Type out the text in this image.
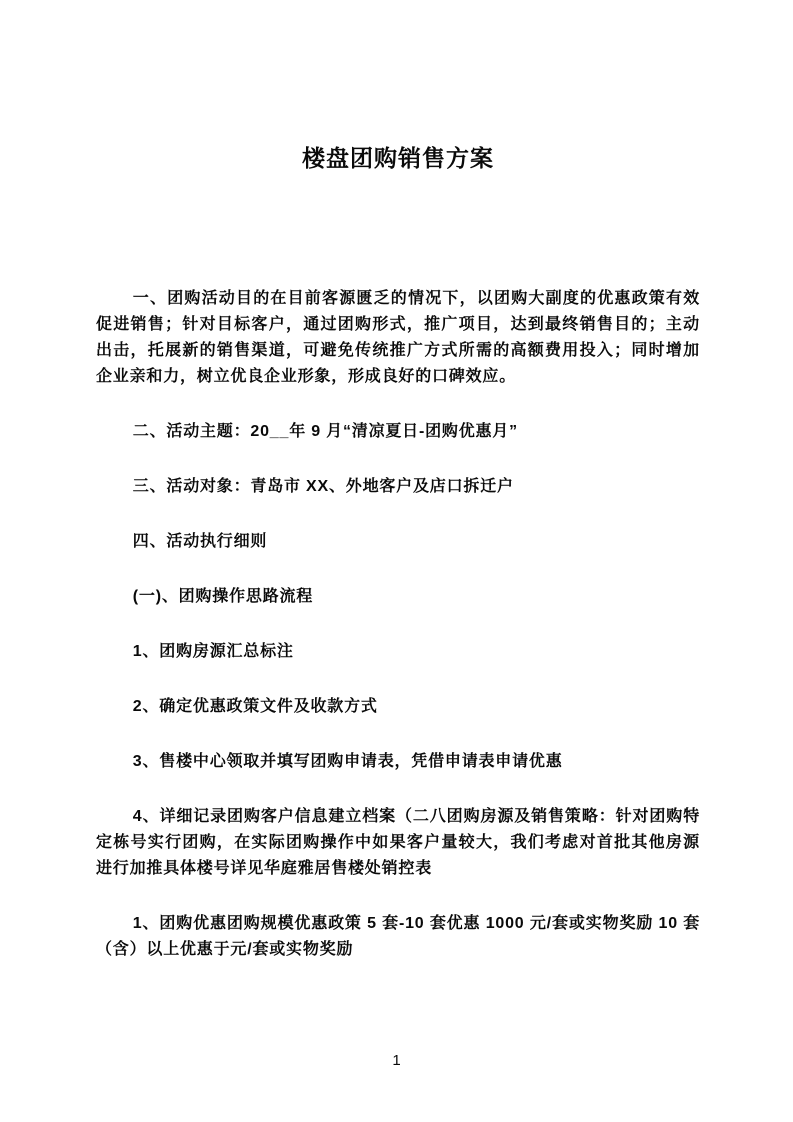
楼盘团购销售方案

一、团购活动目的在目前客源匮乏的情况下，以团购大副度的优惠政策有效促进销售；针对目标客户，通过团购形式，推广项目，达到最终销售目的；主动出击，托展新的销售渠道，可避免传统推广方式所需的高额费用投入；同时增加企业亲和力，树立优良企业形象，形成良好的口碑效应。

二、活动主题：20__年 9 月“清凉夏日-团购优惠月”

三、活动对象：青岛市 XX、外地客户及店口拆迁户

四、活动执行细则

(一)、团购操作思路流程

1、团购房源汇总标注

2、确定优惠政策文件及收款方式

3、售楼中心领取并填写团购申请表，凭借申请表申请优惠

4、详细记录团购客户信息建立档案（二八团购房源及销售策略：针对团购特定栋号实行团购，在实际团购操作中如果客户量较大，我们考虑对首批其他房源进行加推具体楼号详见华庭雅居售楼处销控表

1、团购优惠团购规模优惠政策 5 套-10 套优惠 1000 元/套或实物奖励 10 套（含）以上优惠于元/套或实物奖励

1
